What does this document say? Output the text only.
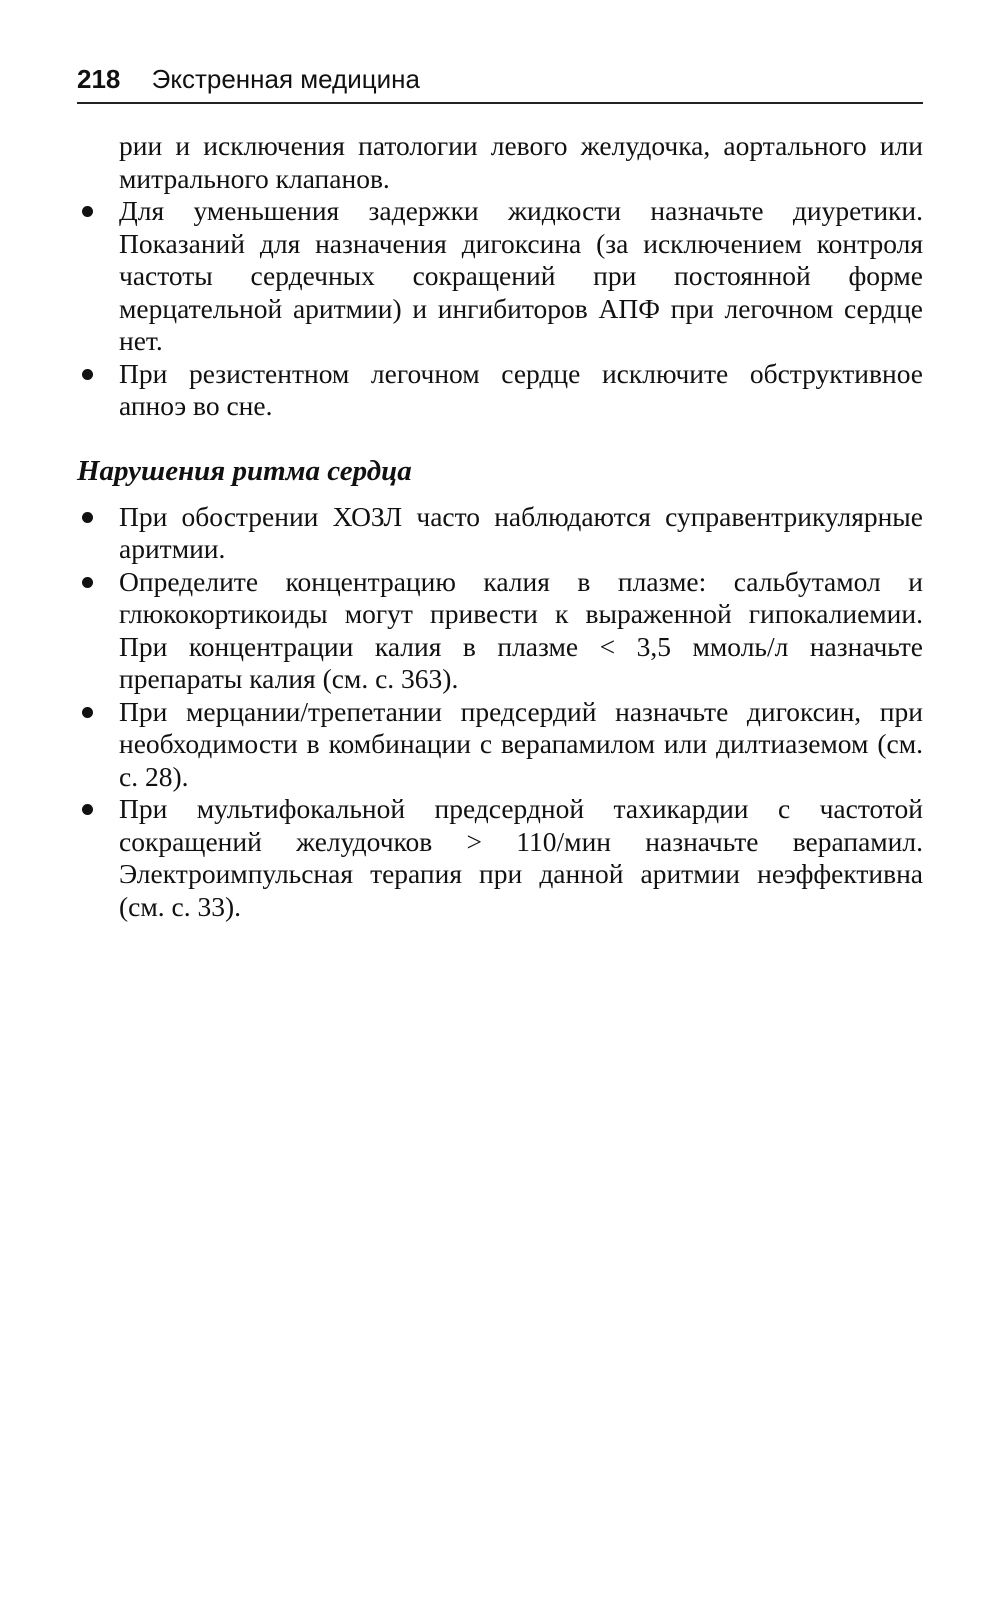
218 Экстренная медицина

рии и исключения патологии левого желудочка, аортального или митрального клапанов.

Для уменьшения задержки жидкости назначьте диуретики. Показаний для назначения дигоксина (за исключением контроля частоты сердечных сокращений при постоянной форме мерцательной аритмии) и ингибиторов АПФ при легочном сердце нет.
При резистентном легочном сердце исключите обструктивное апноэ во сне.
Нарушения ритма сердца
При обострении ХОЗЛ часто наблюдаются суправентрикулярные аритмии.
Определите концентрацию калия в плазме: сальбутамол и глюкокортикоиды могут привести к выраженной гипокалиемии. При концентрации калия в плазме < 3,5 ммоль/л назначьте препараты калия (см. с. 363).
При мерцании/трепетании предсердий назначьте дигоксин, при необходимости в комбинации с верапамилом или дилтиаземом (см. с. 28).
При мультифокальной предсердной тахикардии с частотой сокращений желудочков > 110/мин назначьте верапамил. Электроимпульсная терапия при данной аритмии неэффективна (см. с. 33).
